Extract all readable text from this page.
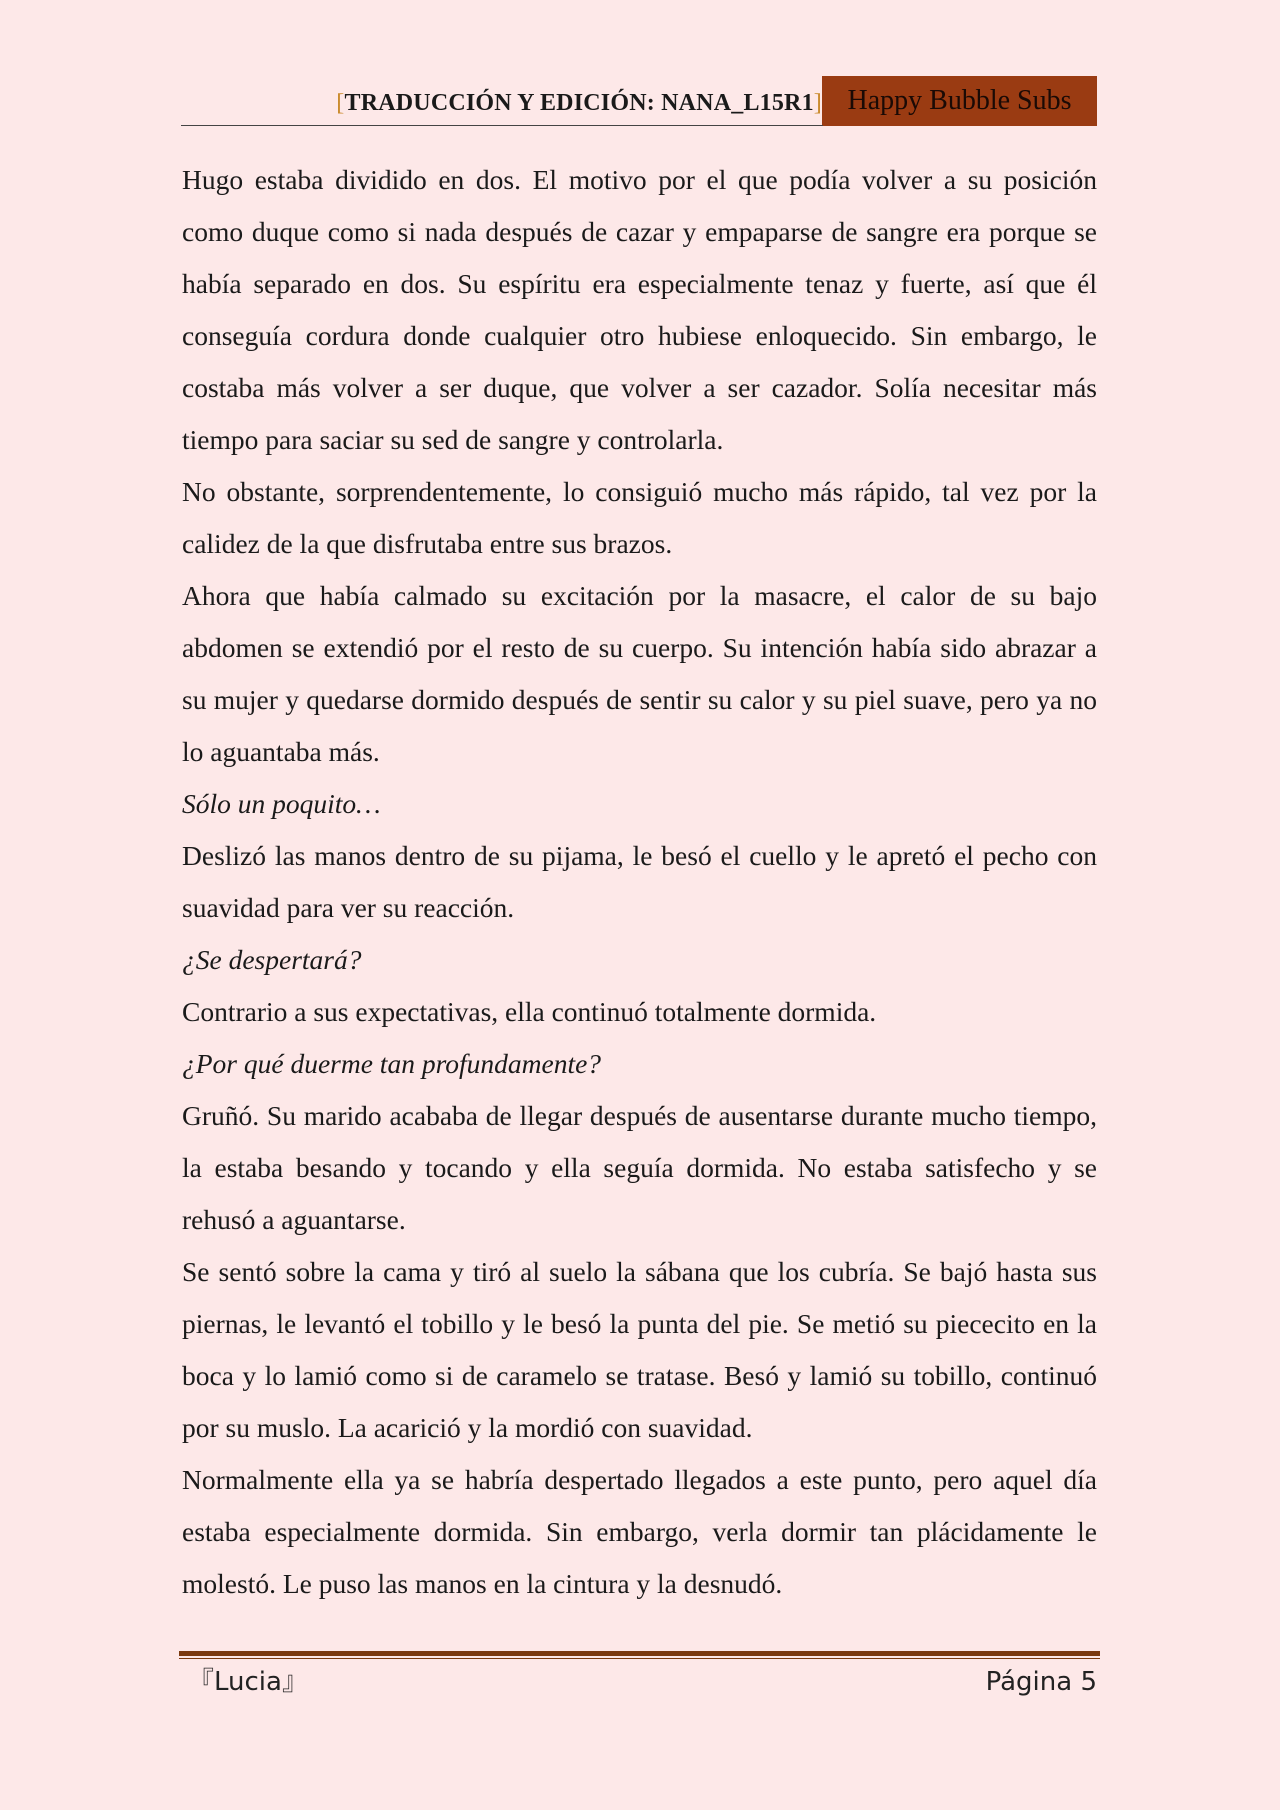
[TRADUCCIÓN Y EDICIÓN: NANA_L15R1] Happy Bubble Subs

Hugo estaba dividido en dos. El motivo por el que podía volver a su posición como duque como si nada después de cazar y empaparse de sangre era porque se había separado en dos. Su espíritu era especialmente tenaz y fuerte, así que él conseguía cordura donde cualquier otro hubiese enloquecido. Sin embargo, le costaba más volver a ser duque, que volver a ser cazador. Solía necesitar más tiempo para saciar su sed de sangre y controlarla.

No obstante, sorprendentemente, lo consiguió mucho más rápido, tal vez por la calidez de la que disfrutaba entre sus brazos.

Ahora que había calmado su excitación por la masacre, el calor de su bajo abdomen se extendió por el resto de su cuerpo. Su intención había sido abrazar a su mujer y quedarse dormido después de sentir su calor y su piel suave, pero ya no lo aguantaba más.

Sólo un poquito…

Deslizó las manos dentro de su pijama, le besó el cuello y le apretó el pecho con suavidad para ver su reacción.

¿Se despertará?

Contrario a sus expectativas, ella continuó totalmente dormida.

¿Por qué duerme tan profundamente?

Gruñó. Su marido acababa de llegar después de ausentarse durante mucho tiempo, la estaba besando y tocando y ella seguía dormida. No estaba satisfecho y se rehusó a aguantarse.

Se sentó sobre la cama y tiró al suelo la sábana que los cubría. Se bajó hasta sus piernas, le levantó el tobillo y le besó la punta del pie. Se metió su piececito en la boca y lo lamió como si de caramelo se tratase. Besó y lamió su tobillo, continuó por su muslo. La acarició y la mordió con suavidad.

Normalmente ella ya se habría despertado llegados a este punto, pero aquel día estaba especialmente dormida. Sin embargo, verla dormir tan plácidamente le molestó. Le puso las manos en la cintura y la desnudó.

『Lucia』	Página 5
